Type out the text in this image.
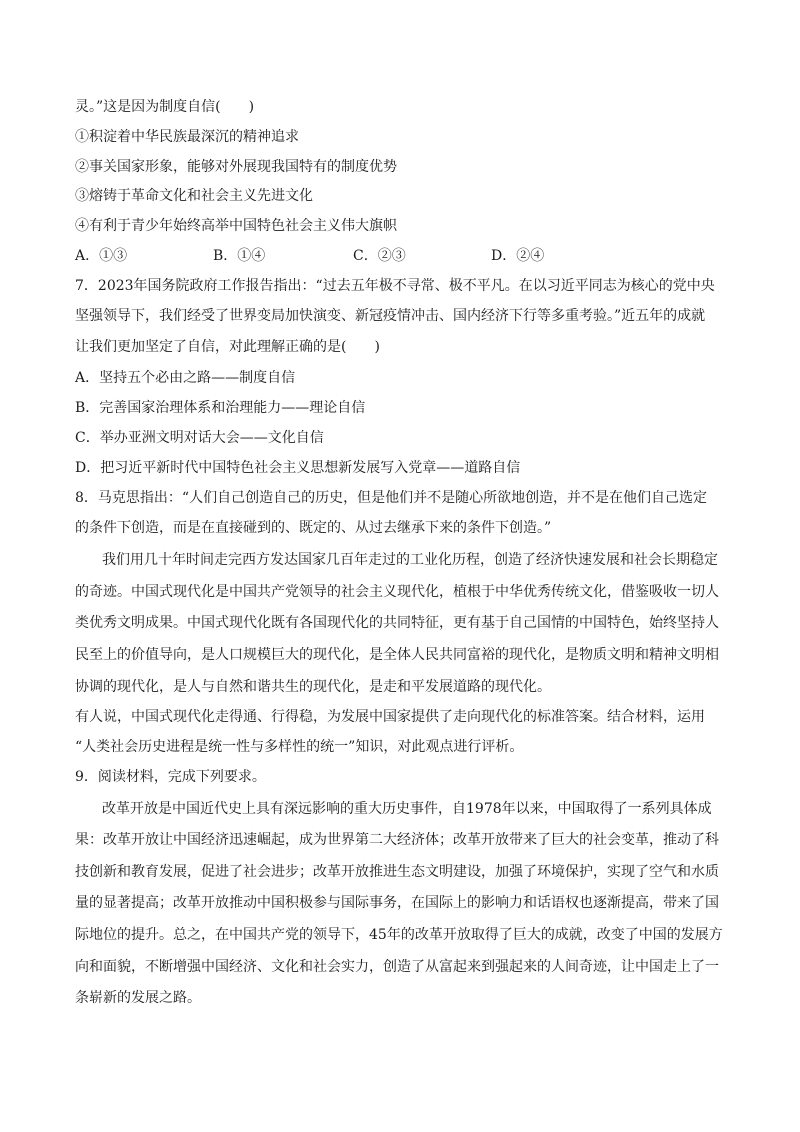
灵。”这是因为制度自信(　　)
①积淀着中华民族最深沉的精神追求
②事关国家形象，能够对外展现我国特有的制度优势
③熔铸于革命文化和社会主义先进文化
④有利于青少年始终高举中国特色社会主义伟大旗帜
A．①③	B．①④	C．②③	D．②④
7．2023年国务院政府工作报告指出：“过去五年极不寻常、极不平凡。在以习近平同志为核心的党中央
坚强领导下，我们经受了世界变局加快演变、新冠疫情冲击、国内经济下行等多重考验。”近五年的成就
让我们更加坚定了自信，对此理解正确的是(　　)
A．坚持五个必由之路——制度自信
B．完善国家治理体系和治理能力——理论自信
C．举办亚洲文明对话大会——文化自信
D．把习近平新时代中国特色社会主义思想新发展写入党章——道路自信
8．马克思指出：“人们自己创造自己的历史，但是他们并不是随心所欲地创造，并不是在他们自己选定
的条件下创造，而是在直接碰到的、既定的、从过去继承下来的条件下创造。”
我们用几十年时间走完西方发达国家几百年走过的工业化历程，创造了经济快速发展和社会长期稳定
的奇迹。中国式现代化是中国共产党领导的社会主义现代化，植根于中华优秀传统文化，借鉴吸收一切人
类优秀文明成果。中国式现代化既有各国现代化的共同特征，更有基于自己国情的中国特色，始终坚持人
民至上的价值导向，是人口规模巨大的现代化，是全体人民共同富裕的现代化，是物质文明和精神文明相
协调的现代化，是人与自然和谐共生的现代化，是走和平发展道路的现代化。
有人说，中国式现代化走得通、行得稳，为发展中国家提供了走向现代化的标准答案。结合材料，运用
“人类社会历史进程是统一性与多样性的统一”知识，对此观点进行评析。
9．阅读材料，完成下列要求。
改革开放是中国近代史上具有深远影响的重大历史事件，自1978年以来，中国取得了一系列具体成
果：改革开放让中国经济迅速崛起，成为世界第二大经济体；改革开放带来了巨大的社会变革，推动了科
技创新和教育发展，促进了社会进步；改革开放推进生态文明建设，加强了环境保护，实现了空气和水质
量的显著提高；改革开放推动中国积极参与国际事务，在国际上的影响力和话语权也逐渐提高，带来了国
际地位的提升。总之，在中国共产党的领导下，45年的改革开放取得了巨大的成就，改变了中国的发展方
向和面貌，不断增强中国经济、文化和社会实力，创造了从富起来到强起来的人间奇迹，让中国走上了一
条崭新的发展之路。
